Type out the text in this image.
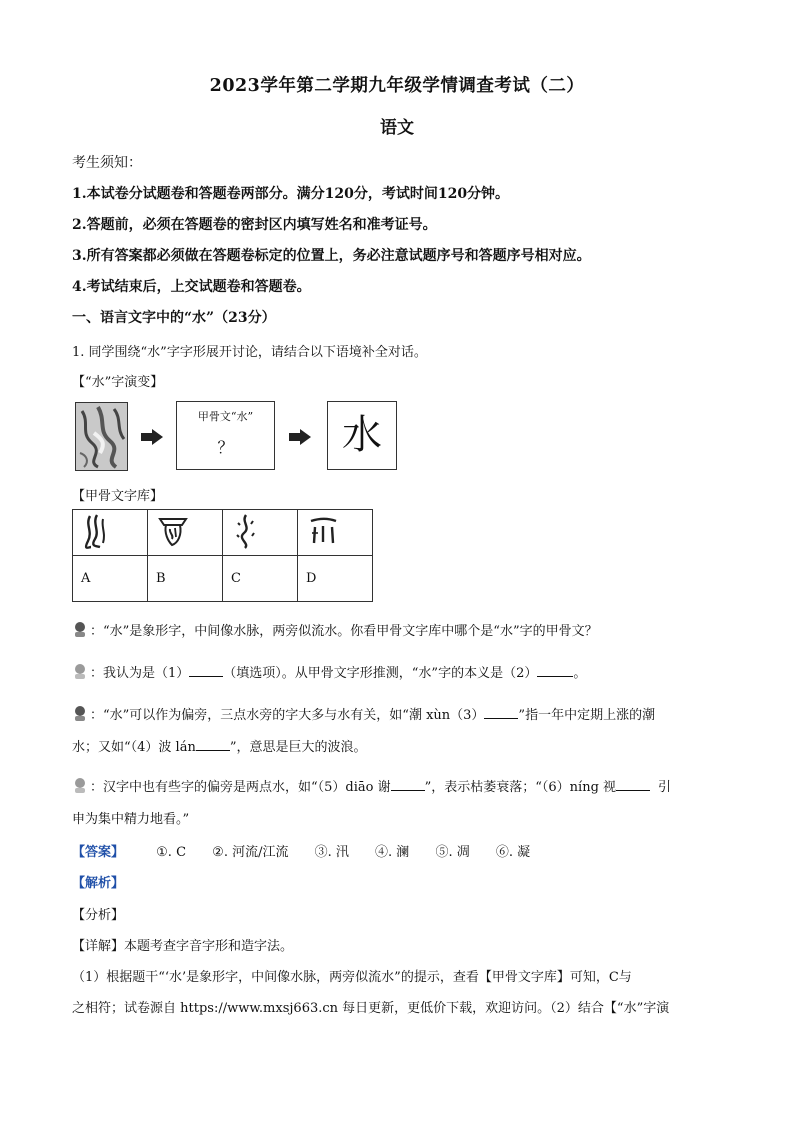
2023学年第二学期九年级学情调查考试（二）
语文
考生须知：
1.本试卷分试题卷和答题卷两部分。满分120分，考试时间120分钟。
2.答题前，必须在答题卷的密封区内填写姓名和准考证号。
3.所有答案都必须做在答题卷标定的位置上，务必注意试题序号和答题序号相对应。
4.考试结束后，上交试题卷和答题卷。
一、语言文字中的“水”（23分）
1. 同学围绕“水”字字形展开讨论，请结合以下语境补全对话。
【“水”字演变】
甲骨文“水”
？	水
【甲骨文字库】

A	B	C	D
：“水”是象形字，中间像水脉，两旁似流水。你看甲骨文字库中哪个是“水”字的甲骨文？
：我认为是（1）	（填选项）。从甲骨文字形推测，“水”字的本义是（2）	。
：“水”可以作为偏旁，三点水旁的字大多与水有关，如“潮 xùn（3）	”指一年中定期上涨的潮
水；又如“（4）波 lán	”，意思是巨大的波浪。
：汉字中也有些字的偏旁是两点水，如“（5）diāo 谢	”，表示枯萎衰落；“（6）níng 视	引
申为集中精力地看。”
【答案】 ①. C ②. 河流/江流 ③. 汛 ④. 澜 ⑤. 凋 ⑥. 凝
【解析】
【分析】
【详解】本题考查字音字形和造字法。
（1）根据题干“‘水’是象形字，中间像水脉，两旁似流水”的提示，查看【甲骨文字库】可知，C与
之相符；试卷源自 https://www.mxsj663.cn 每日更新，更低价下载，欢迎访问。（2）结合【“水”字演
